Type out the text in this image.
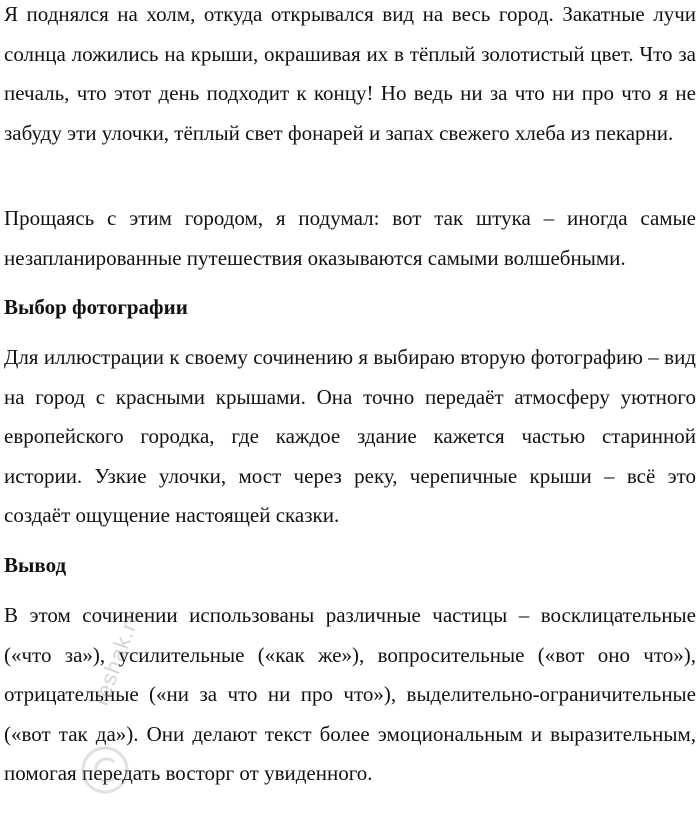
Я поднялся на холм, откуда открывался вид на весь город. Закатные лучи солнца ложились на крыши, окрашивая их в тёплый золотистый цвет. Что за печаль, что этот день подходит к концу! Но ведь ни за что ни про что я не забуду эти улочки, тёплый свет фонарей и запах свежего хлеба из пекарни.

Прощаясь с этим городом, я подумал: вот так штука – иногда самые незапланированные путешествия оказываются самыми волшебными.

Выбор фотографии

Для иллюстрации к своему сочинению я выбираю вторую фотографию – вид на город с красными крышами. Она точно передаёт атмосферу уютного европейского городка, где каждое здание кажется частью старинной истории. Узкие улочки, мост через реку, черепичные крыши – всё это создаёт ощущение настоящей сказки.

Вывод

В этом сочинении использованы различные частицы – восклицательные («что за»), усилительные («как же»), вопросительные («вот оно что»), отрицательные («ни за что ни про что»), выделительно-ограничительные («вот так да»). Они делают текст более эмоциональным и выразительным, помогая передать восторг от увиденного.

reshak.ru
